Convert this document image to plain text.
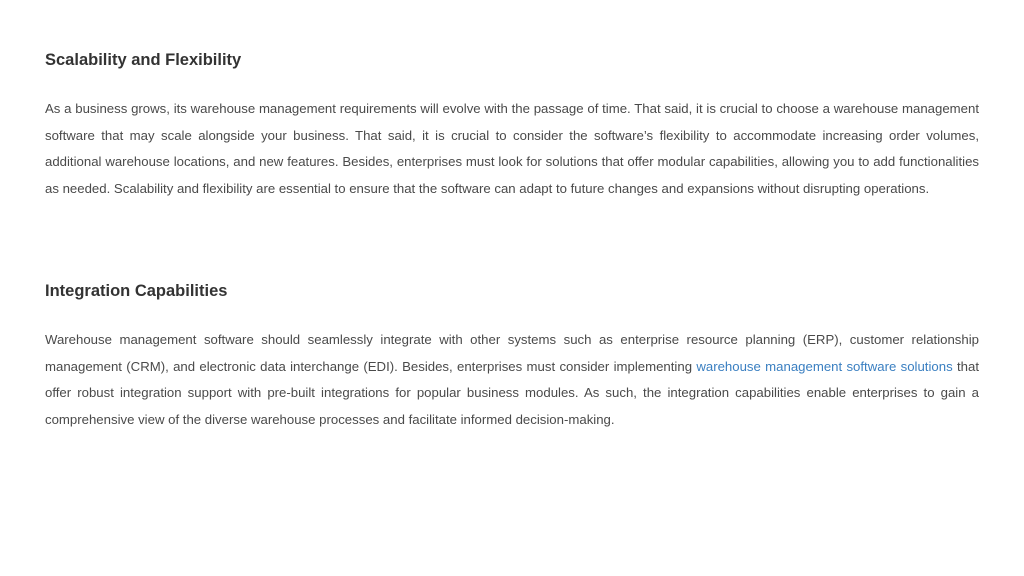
Scalability and Flexibility

As a business grows, its warehouse management requirements will evolve with the passage of time. That said, it is crucial to choose a warehouse management software that may scale alongside your business. That said, it is crucial to consider the software’s flexibility to accommodate increasing order volumes, additional warehouse locations, and new features. Besides, enterprises must look for solutions that offer modular capabilities, allowing you to add functionalities as needed. Scalability and flexibility are essential to ensure that the software can adapt to future changes and expansions without disrupting operations.

Integration Capabilities

Warehouse management software should seamlessly integrate with other systems such as enterprise resource planning (ERP), customer relationship management (CRM), and electronic data interchange (EDI). Besides, enterprises must consider implementing warehouse management software solutions that offer robust integration support with pre-built integrations for popular business modules. As such, the integration capabilities enable enterprises to gain a comprehensive view of the diverse warehouse processes and facilitate informed decision-making.
